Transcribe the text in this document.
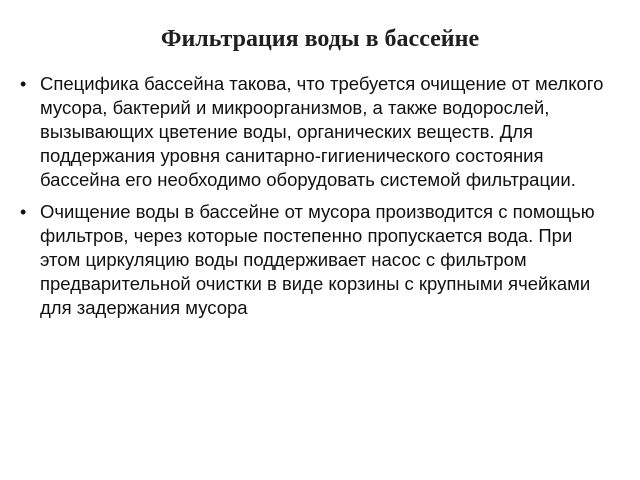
Фильтрация воды в бассейне
• Специфика бассейна такова, что требуется очищение от мелкого мусора, бактерий и микроорганизмов, а также водорослей, вызывающих цветение воды, органических веществ. Для поддержания уровня санитарно-гигиенического состояния бассейна его необходимо оборудовать системой фильтрации.
• Очищение воды в бассейне от мусора производится с помощью фильтров, через которые постепенно пропускается вода. При этом циркуляцию воды поддерживает насос с фильтром предварительной очистки в виде корзины с крупными ячейками для задержания мусора
